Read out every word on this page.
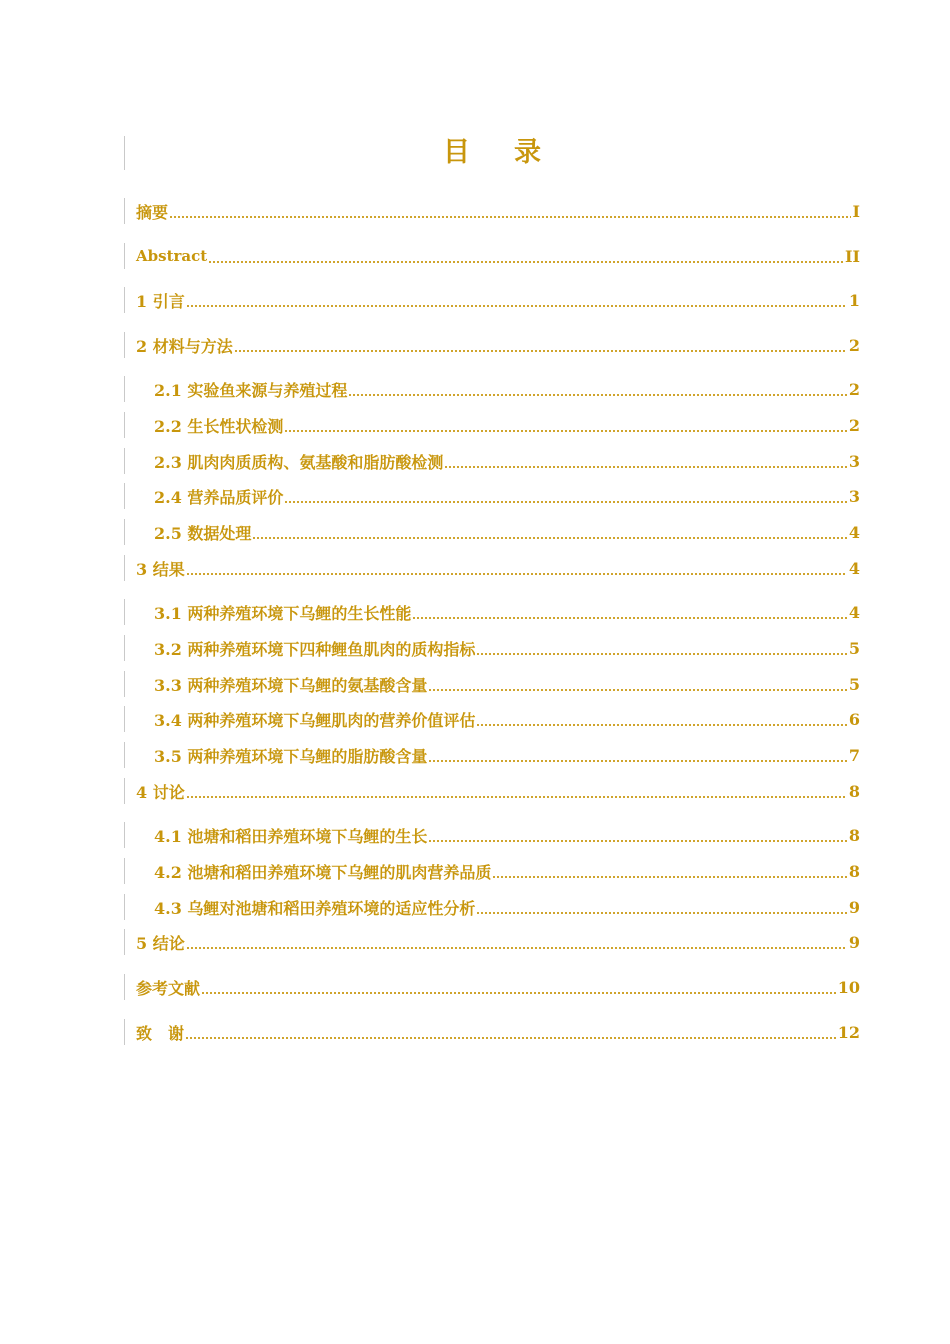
目 录
摘要	I
Abstract	II
1 引言	1
2 材料与方法	2
2.1 实验鱼来源与养殖过程	2
2.2 生长性状检测	2
2.3 肌肉肉质质构、氨基酸和脂肪酸检测	3
2.4 营养品质评价	3
2.5 数据处理	4
3 结果	4
3.1 两种养殖环境下乌鲤的生长性能	4
3.2 两种养殖环境下四种鲤鱼肌肉的质构指标	5
3.3 两种养殖环境下乌鲤的氨基酸含量	5
3.4 两种养殖环境下乌鲤肌肉的营养价值评估	6
3.5 两种养殖环境下乌鲤的脂肪酸含量	7
4 讨论	8
4.1 池塘和稻田养殖环境下乌鲤的生长	8
4.2 池塘和稻田养殖环境下乌鲤的肌肉营养品质	8
4.3 乌鲤对池塘和稻田养殖环境的适应性分析	9
5 结论	9
参考文献	10
致　谢	12
